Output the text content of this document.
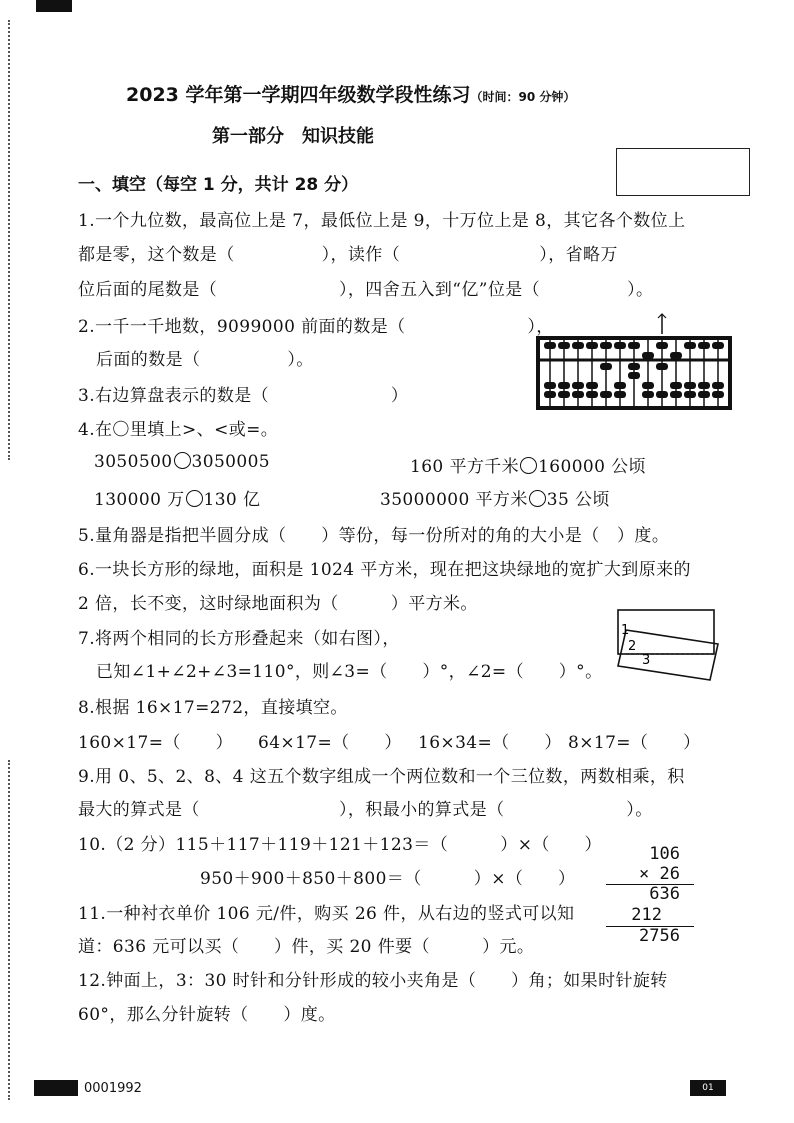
2023 学年第一学期四年级数学段性练习（时间：90 分钟）
第一部分　知识技能
一、填空（每空 1 分，共计 28 分）
1.一个九位数，最高位上是 7，最低位上是 9，十万位上是 8，其它各个数位上
都是零，这个数是（　　　　　），读作（　　　　　　　　），省略万
位后面的尾数是（　　　　　　　），四舍五入到“亿”位是（　　　　　）。
2.一千一千地数，9099000 前面的数是（　　　　　　　），
后面的数是（　　　　　）。
3.右边算盘表示的数是（　　　　　　　）
4.在〇里填上>、<或=。
3050500 3050005	160 平方千米 160000 公顷
130000 万 130 亿	35000000 平方米 35 公顷
5.量角器是指把半圆分成（　　）等份，每一份所对的角的大小是（　）度。
6.一块长方形的绿地，面积是 1024 平方米，现在把这块绿地的宽扩大到原来的
2 倍，长不变，这时绿地面积为（　　　）平方米。
7.将两个相同的长方形叠起来（如右图），
已知∠1+∠2+∠3=110°，则∠3=（　　）°，∠2=（　　）°。
1
2
3
8.根据 16×17=272，直接填空。
160×17=（　　） 64×17=（　　） 16×34=（　　） 8×17=（　　）
9.用 0、5、2、8、4 这五个数字组成一个两位数和一个三位数，两数相乘，积
最大的算式是（　　　　　　　　），积最小的算式是（　　　　　　　）。
10.（2 分）115＋117＋119＋121＋123＝（　　　）×（　　）
950＋900＋850＋800＝（　　　）×（　　）
106
× 26
636
212
2756
11.一种衬衣单价 106 元/件，购买 26 件，从右边的竖式可以知
道：636 元可以买（　　）件，买 20 件要（　　　）元。
12.钟面上，3：30 时针和分针形成的较小夹角是（　　）角；如果时针旋转
60°，那么分针旋转（　　）度。
0001992	01
